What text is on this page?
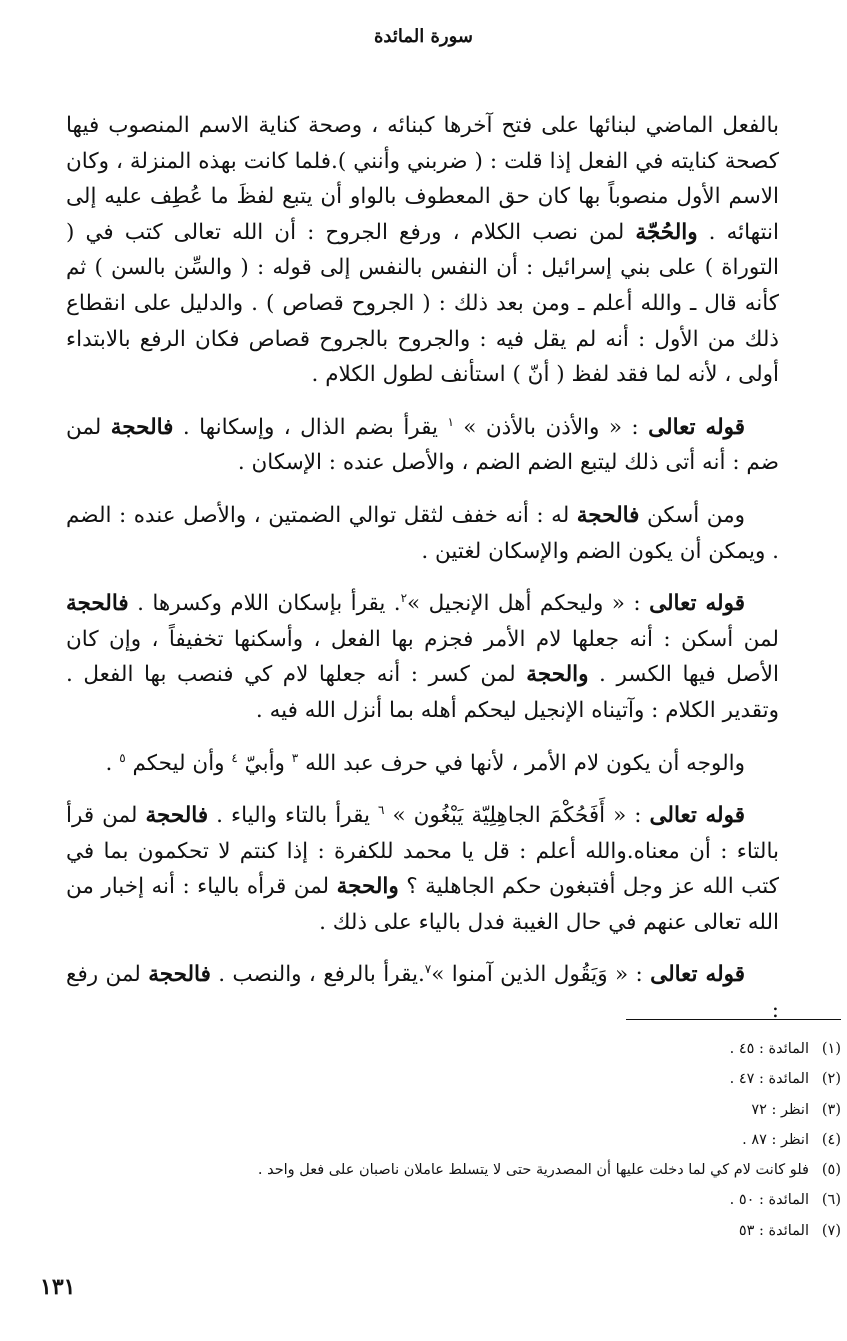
سورة المائدة

بالفعل الماضي لبنائها على فتح آخرها كبنائه ، وصحة كناية الاسم المنصوب فيها كصحة كنايته في الفعل إذا قلت : ( ضربني وأنني ).فلما كانت بهذه المنزلة ، وكان الاسم الأول منصوباً بها كان حق المعطوف بالواو أن يتبع لفظَ ما عُطِف عليه إلى انتهائه . والحُجّة لمن نصب الكلام ، ورفع الجروح : أن الله تعالى كتب في ( التوراة ) على بني إسرائيل : أن النفس بالنفس إلى قوله : ( والسِّن بالسن ) ثم كأنه قال ـ والله أعلم ـ ومن بعد ذلك : ( الجروح قصاص ) . والدليل على انقطاع ذلك من الأول : أنه لم يقل فيه : والجروح بالجروح قصاص فكان الرفع بالابتداء أولى ، لأنه لما فقد لفظ ( أنّ ) استأنف لطول الكلام .

قوله تعالى : « والأذن بالأذن » $^١$ يقرأ بضم الذال ، وإسكانها . فالحجة لمن ضم : أنه أتى ذلك ليتبع الضم الضم ، والأصل عنده : الإسكان .

ومن أسكن فالحجة له : أنه خفف لثقل توالي الضمتين ، والأصل عنده : الضم . ويمكن أن يكون الضم والإسكان لغتين .

قوله تعالى : « وليحكم أهل الإنجيل »$^٢$. يقرأ بإسكان اللام وكسرها . فالحجة لمن أسكن : أنه جعلها لام الأمر فجزم بها الفعل ، وأسكنها تخفيفاً ، وإن كان الأصل فيها الكسر . والحجة لمن كسر : أنه جعلها لام كي فنصب بها الفعل . وتقدير الكلام : وآتيناه الإنجيل ليحكم أهله بما أنزل الله فيه .

والوجه أن يكون لام الأمر ، لأنها في حرف عبد الله $^٣$ وأبيّ $^٤$ وأن ليحكم $^٥$ .

قوله تعالى : « أَفَحُكْمَ الجاهِلِيّة يَبْغُون » $^٦$ يقرأ بالتاء والياء . فالحجة لمن قرأ بالتاء : أن معناه.والله أعلم : قل يا محمد للكفرة : إذا كنتم لا تحكمون بما في كتب الله عز وجل أفتبغون حكم الجاهلية ؟ والحجة لمن قرأه بالياء : أنه إخبار من الله تعالى عنهم في حال الغيبة فدل بالياء على ذلك .

قوله تعالى : « وَيَقُول الذين آمنوا »$^٧$.يقرأ بالرفع ، والنصب . فالحجة لمن رفع :

(١)المائدة : ٤٥ .
(٢)المائدة : ٤٧ .
(٣)انظر : ٧٢
(٤)انظر : ٨٧ .
(٥)فلو كانت لام كي لما دخلت عليها أن المصدرية حتى لا يتسلط عاملان ناصبان على فعل واحد .
(٦)المائدة : ٥٠ .
(٧)المائدة : ٥٣
١٣١
